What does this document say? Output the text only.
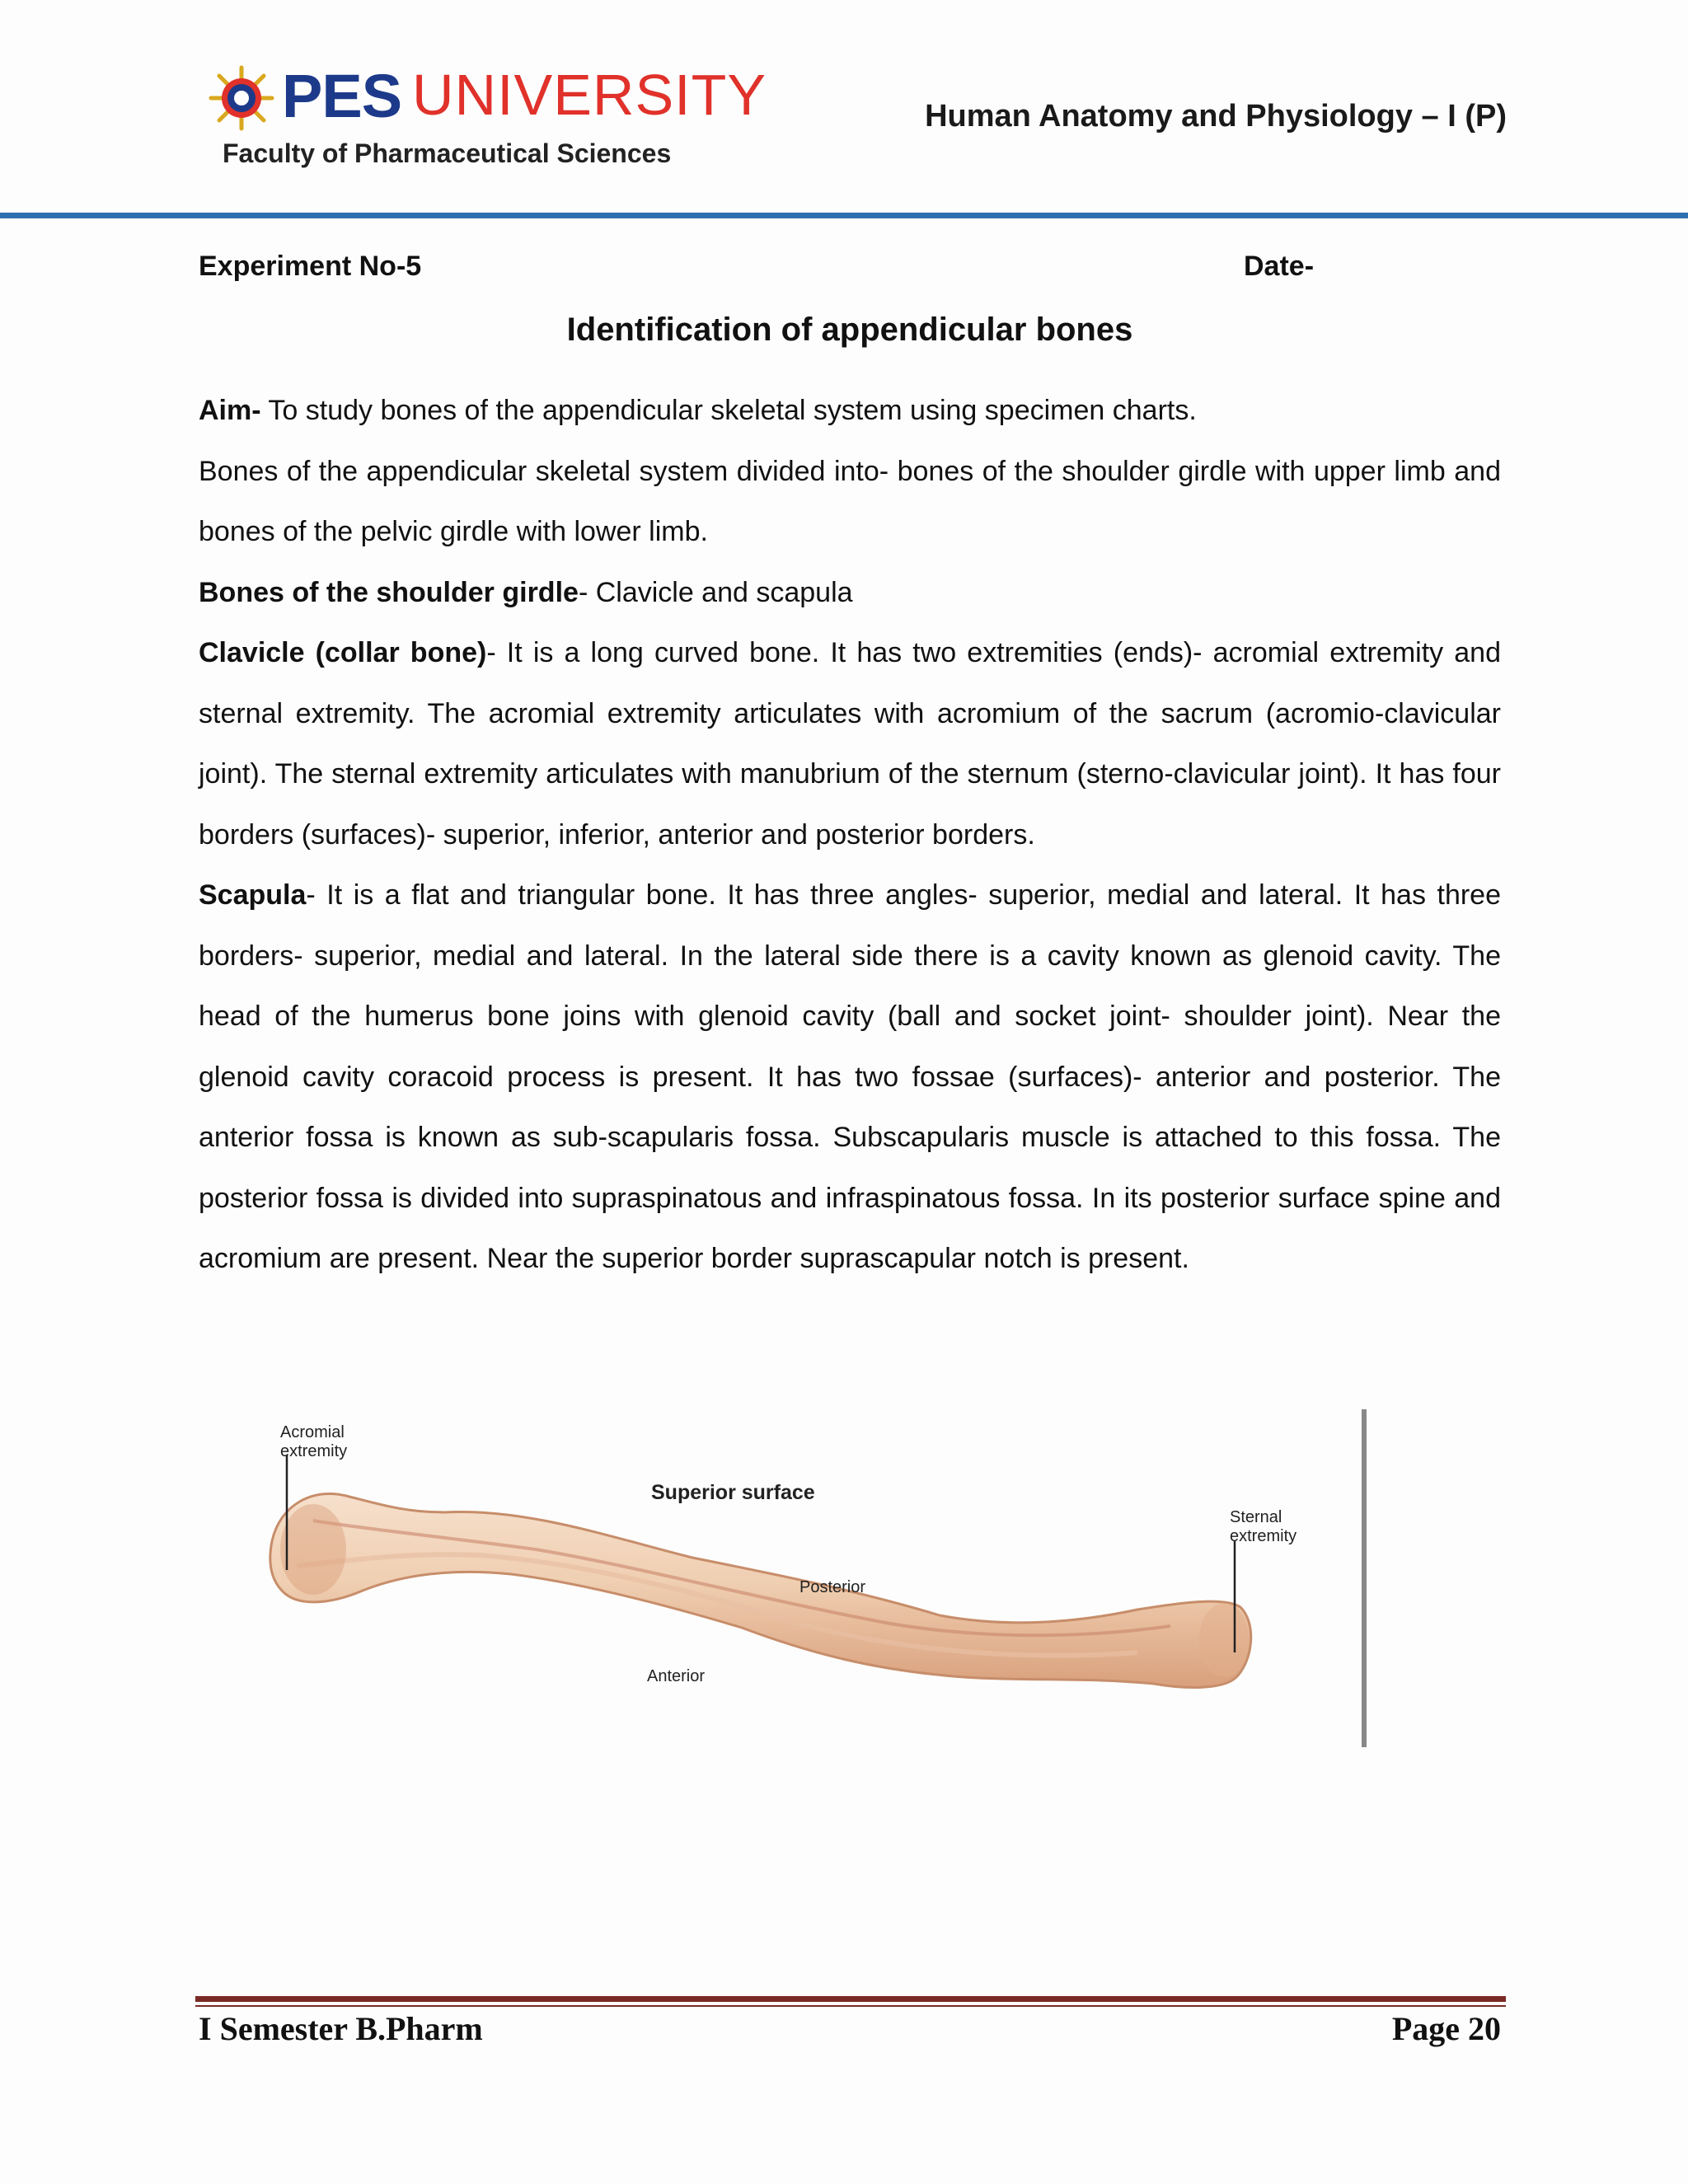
PES UNIVERSITY
Faculty of Pharmaceutical Sciences
Human Anatomy and Physiology – I (P)
Experiment No-5	Date-
Identification of appendicular bones

Aim- To study bones of the appendicular skeletal system using specimen charts.

Bones of the appendicular skeletal system divided into- bones of the shoulder girdle with upper limb and bones of the pelvic girdle with lower limb.

Bones of the shoulder girdle- Clavicle and scapula

Clavicle (collar bone)- It is a long curved bone. It has two extremities (ends)- acromial extremity and sternal extremity. The acromial extremity articulates with acromium of the sacrum (acromio-clavicular joint). The sternal extremity articulates with manubrium of the sternum (sterno-clavicular joint). It has four borders (surfaces)- superior, inferior, anterior and posterior borders.

Scapula- It is a flat and triangular bone. It has three angles- superior, medial and lateral. It has three borders- superior, medial and lateral. In the lateral side there is a cavity known as glenoid cavity. The head of the humerus bone joins with glenoid cavity (ball and socket joint- shoulder joint). Near the glenoid cavity coracoid process is present. It has two fossae (surfaces)- anterior and posterior. The anterior fossa is known as sub-scapularis fossa. Subscapularis muscle is attached to this fossa. The posterior fossa is divided into supraspinatous and infraspinatous fossa. In its posterior surface spine and acromium are present. Near the superior border suprascapular notch is present.

Acromial
extremity
Superior surface
Sternal
extremity
Posterior
Anterior
I Semester B.Pharm	Page 20
